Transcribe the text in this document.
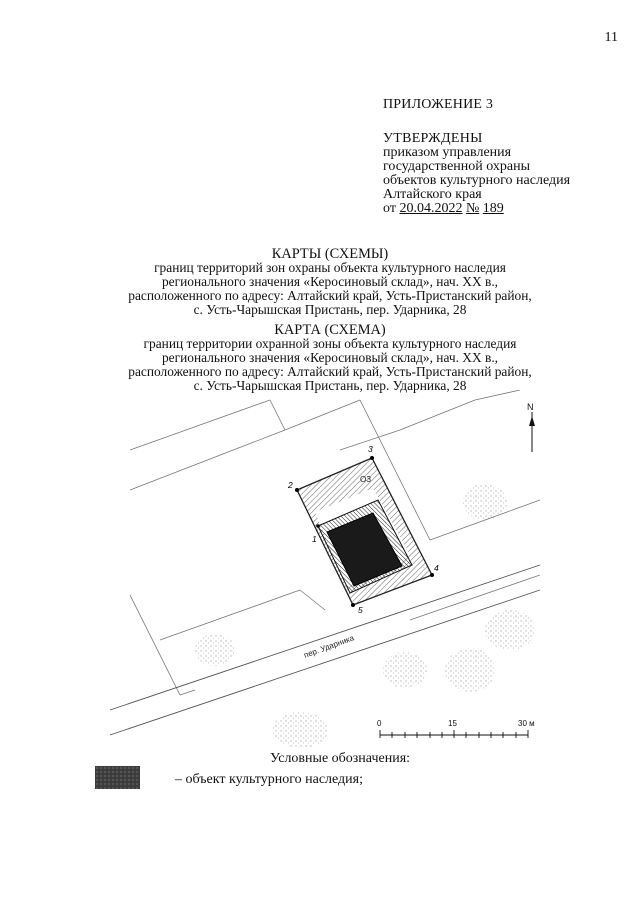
11
ПРИЛОЖЕНИЕ 3
УТВЕРЖДЕНЫ
приказом управления
государственной охраны
объектов культурного наследия
Алтайского края
от 20.04.2022 № 189
КАРТЫ (СХЕМЫ)
границ территорий зон охраны объекта культурного наследия
регионального значения «Керосиновый склад», нач. XX в.,
расположенного по адресу: Алтайский край, Усть-Пристанский район,
с. Усть-Чарышская Пристань, пер. Ударника, 28
КАРТА (СХЕМА)
границ территории охранной зоны объекта культурного наследия
регионального значения «Керосиновый склад», нач. XX в.,
расположенного по адресу: Алтайский край, Усть-Пристанский район,
с. Усть-Чарышская Пристань, пер. Ударника, 28
пер. Ударника
ОЗ
1
2
3
4
5
N
0	15	30 м
Условные обозначения:
– объект культурного наследия;
